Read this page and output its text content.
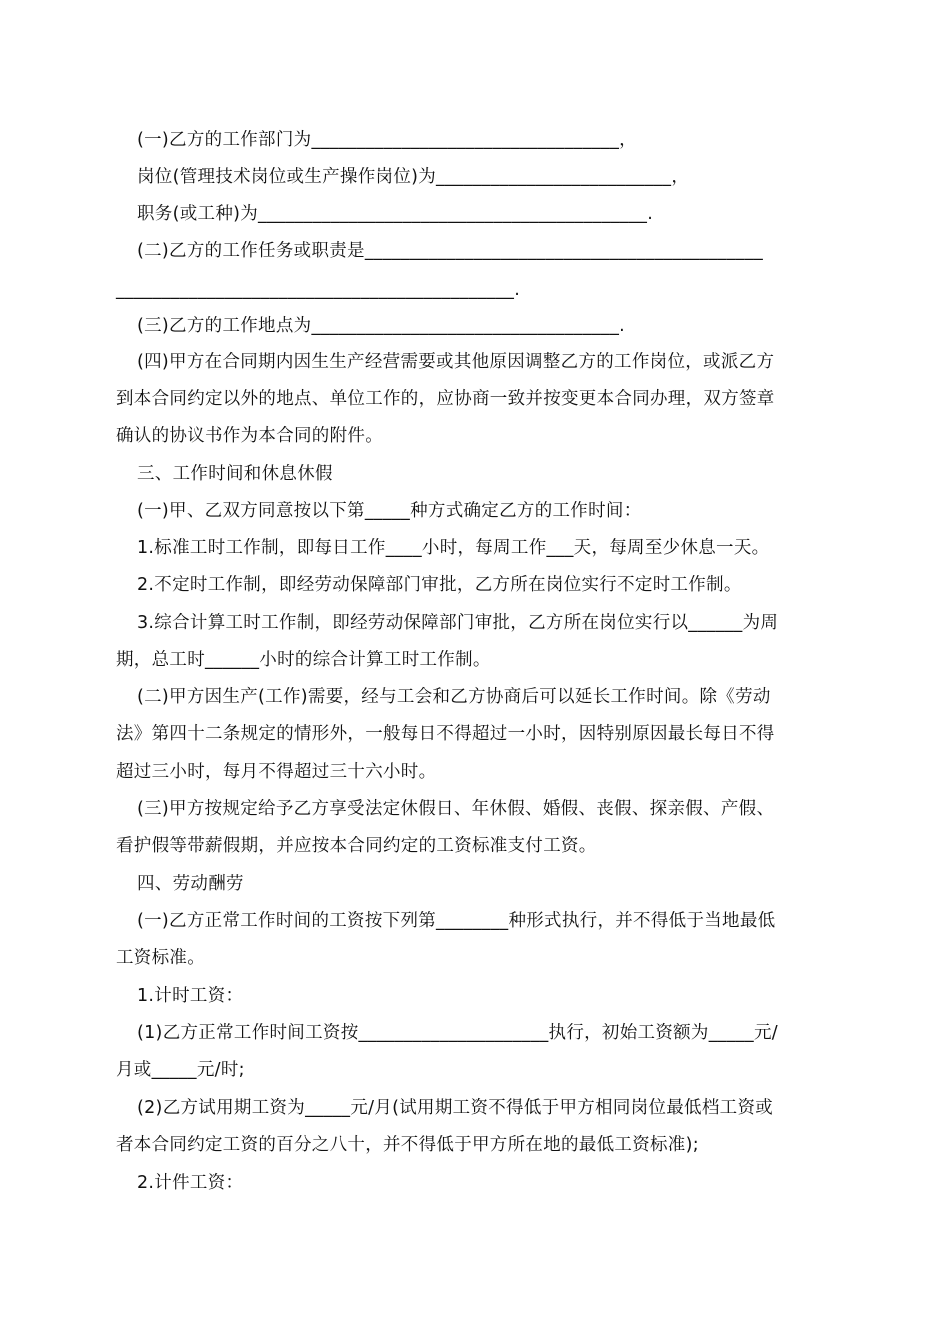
(一)乙方的工作部门为__________________________________，
岗位(管理技术岗位或生产操作岗位)为__________________________，
职务(或工种)为___________________________________________.
(二)乙方的工作任务或职责是____________________________________________
____________________________________________.
(三)乙方的工作地点为__________________________________.
(四)甲方在合同期内因生生产经营需要或其他原因调整乙方的工作岗位，或派乙方
到本合同约定以外的地点、单位工作的，应协商一致并按变更本合同办理，双方签章
确认的协议书作为本合同的附件。
三、工作时间和休息休假
(一)甲、乙双方同意按以下第_____种方式确定乙方的工作时间：
1.标准工时工作制，即每日工作____小时，每周工作___天，每周至少休息一天。
2.不定时工作制，即经劳动保障部门审批，乙方所在岗位实行不定时工作制。
3.综合计算工时工作制，即经劳动保障部门审批，乙方所在岗位实行以______为周
期，总工时______小时的综合计算工时工作制。
(二)甲方因生产(工作)需要，经与工会和乙方协商后可以延长工作时间。除《劳动
法》第四十二条规定的情形外，一般每日不得超过一小时，因特别原因最长每日不得
超过三小时，每月不得超过三十六小时。
(三)甲方按规定给予乙方享受法定休假日、年休假、婚假、丧假、探亲假、产假、
看护假等带薪假期，并应按本合同约定的工资标准支付工资。
四、劳动酬劳
(一)乙方正常工作时间的工资按下列第________种形式执行，并不得低于当地最低
工资标准。
1.计时工资：
(1)乙方正常工作时间工资按_____________________执行，初始工资额为_____元/
月或_____元/时;
(2)乙方试用期工资为_____元/月(试用期工资不得低于甲方相同岗位最低档工资或
者本合同约定工资的百分之八十，并不得低于甲方所在地的最低工资标准);
2.计件工资：
